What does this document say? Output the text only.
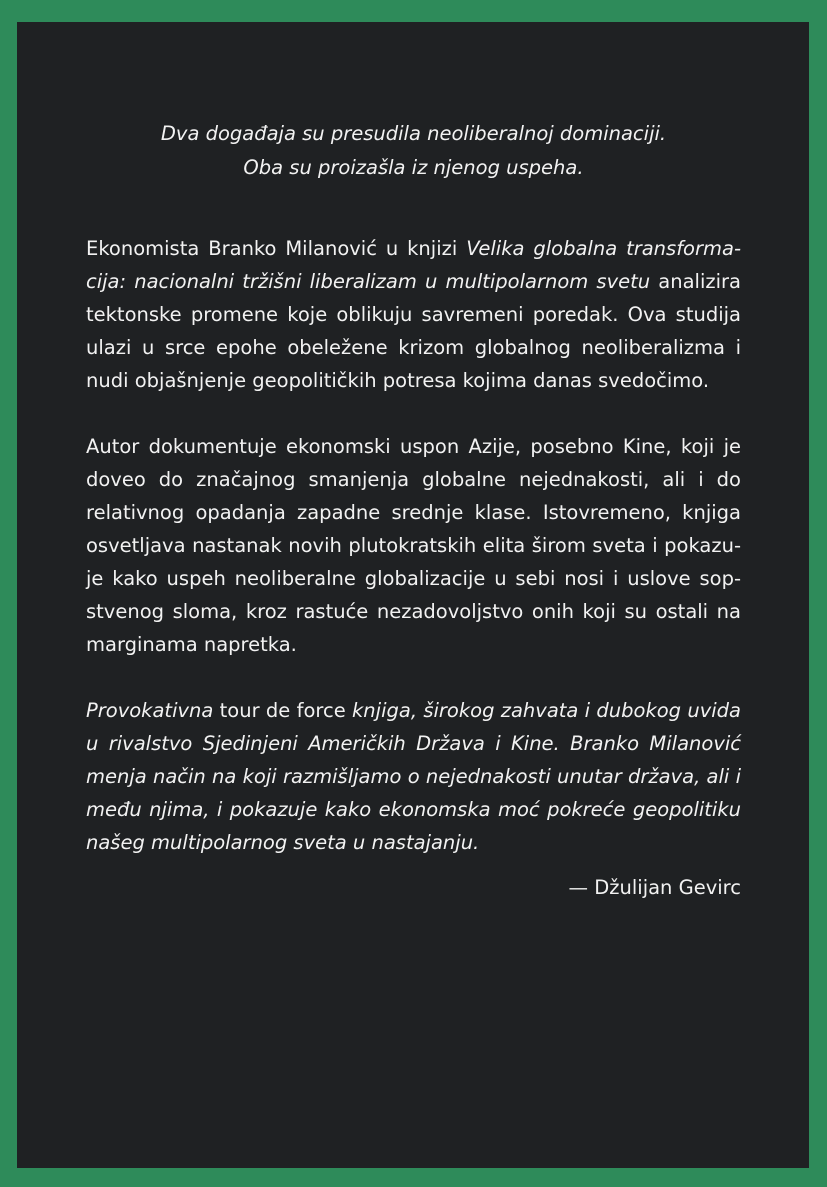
Dva događaja su presudila neoliberalnoj dominaciji.
Oba su proizašla iz njenog uspeha.

Ekonomista Branko Milanović u knjizi Velika globalna transformacija: nacionalni tržišni liberalizam u multipolarnom svetu analizira tektonske promene koje oblikuju savremeni poredak. Ova studija ulazi u srce epohe obeležene krizom globalnog neoliberalizma i nudi objašnjenje geopolitičkih potresa kojima danas svedočimo.

Autor dokumentuje ekonomski uspon Azije, posebno Kine, koji je doveo do značajnog smanjenja globalne nejednakosti, ali i do relativnog opadanja zapadne srednje klase. Istovremeno, knjiga osvetljava nastanak novih plutokratskih elita širom sveta i pokazuje kako uspeh neoliberalne globalizacije u sebi nosi i uslove sopstvenog sloma, kroz rastuće nezadovoljstvo onih koji su ostali na marginama napretka.

Provokativna tour de force knjiga, širokog zahvata i dubokog uvida u rivalstvo Sjedinjeni Američkih Država i Kine. Branko Milanović menja način na koji razmišljamo o nejednakosti unutar država, ali i među njima, i pokazuje kako ekonomska moć pokreće geopolitiku našeg multipolarnog sveta u nastajanju.

— Džulijan Gevirc
